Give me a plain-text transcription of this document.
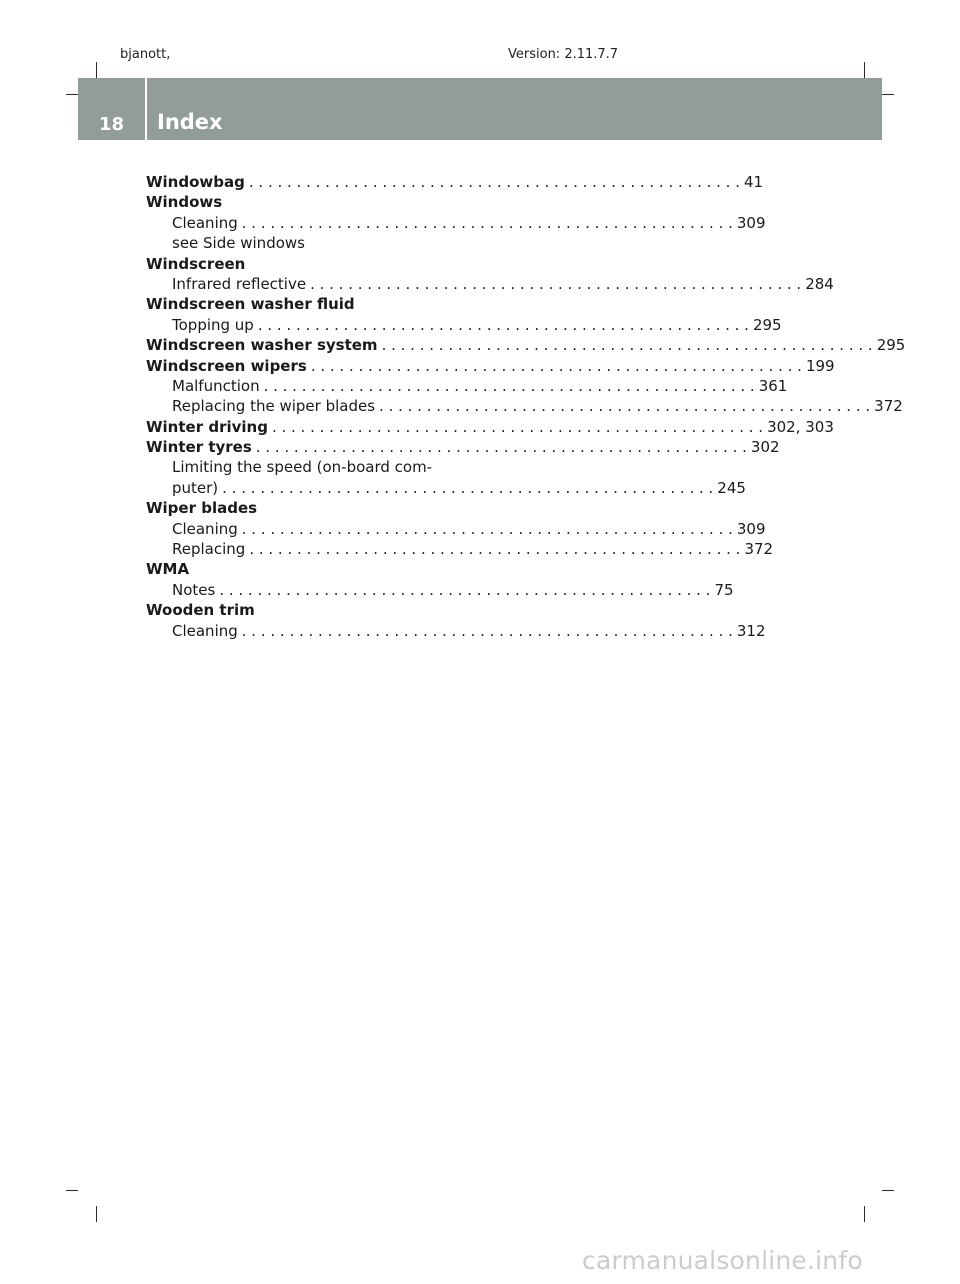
bjanott,	Version: 2.11.7.7
18	Index
Windowbag . . .	41
Windows
Cleaning . . .	309
see Side windows
Windscreen
Infrared reflective . . .	284
Windscreen washer fluid
Topping up . . .	295
Windscreen washer system . . .	295
Windscreen wipers . . .	199
Malfunction . . .	361
Replacing the wiper blades . . .	372
Winter driving . . .	302, 303
Winter tyres . . .	302
Limiting the speed (on-board com-
puter) . . .	245
Wiper blades
Cleaning . . .	309
Replacing . . .	372
WMA
Notes . . .	75
Wooden trim
Cleaning . . .	312
carmanualsonline.info
